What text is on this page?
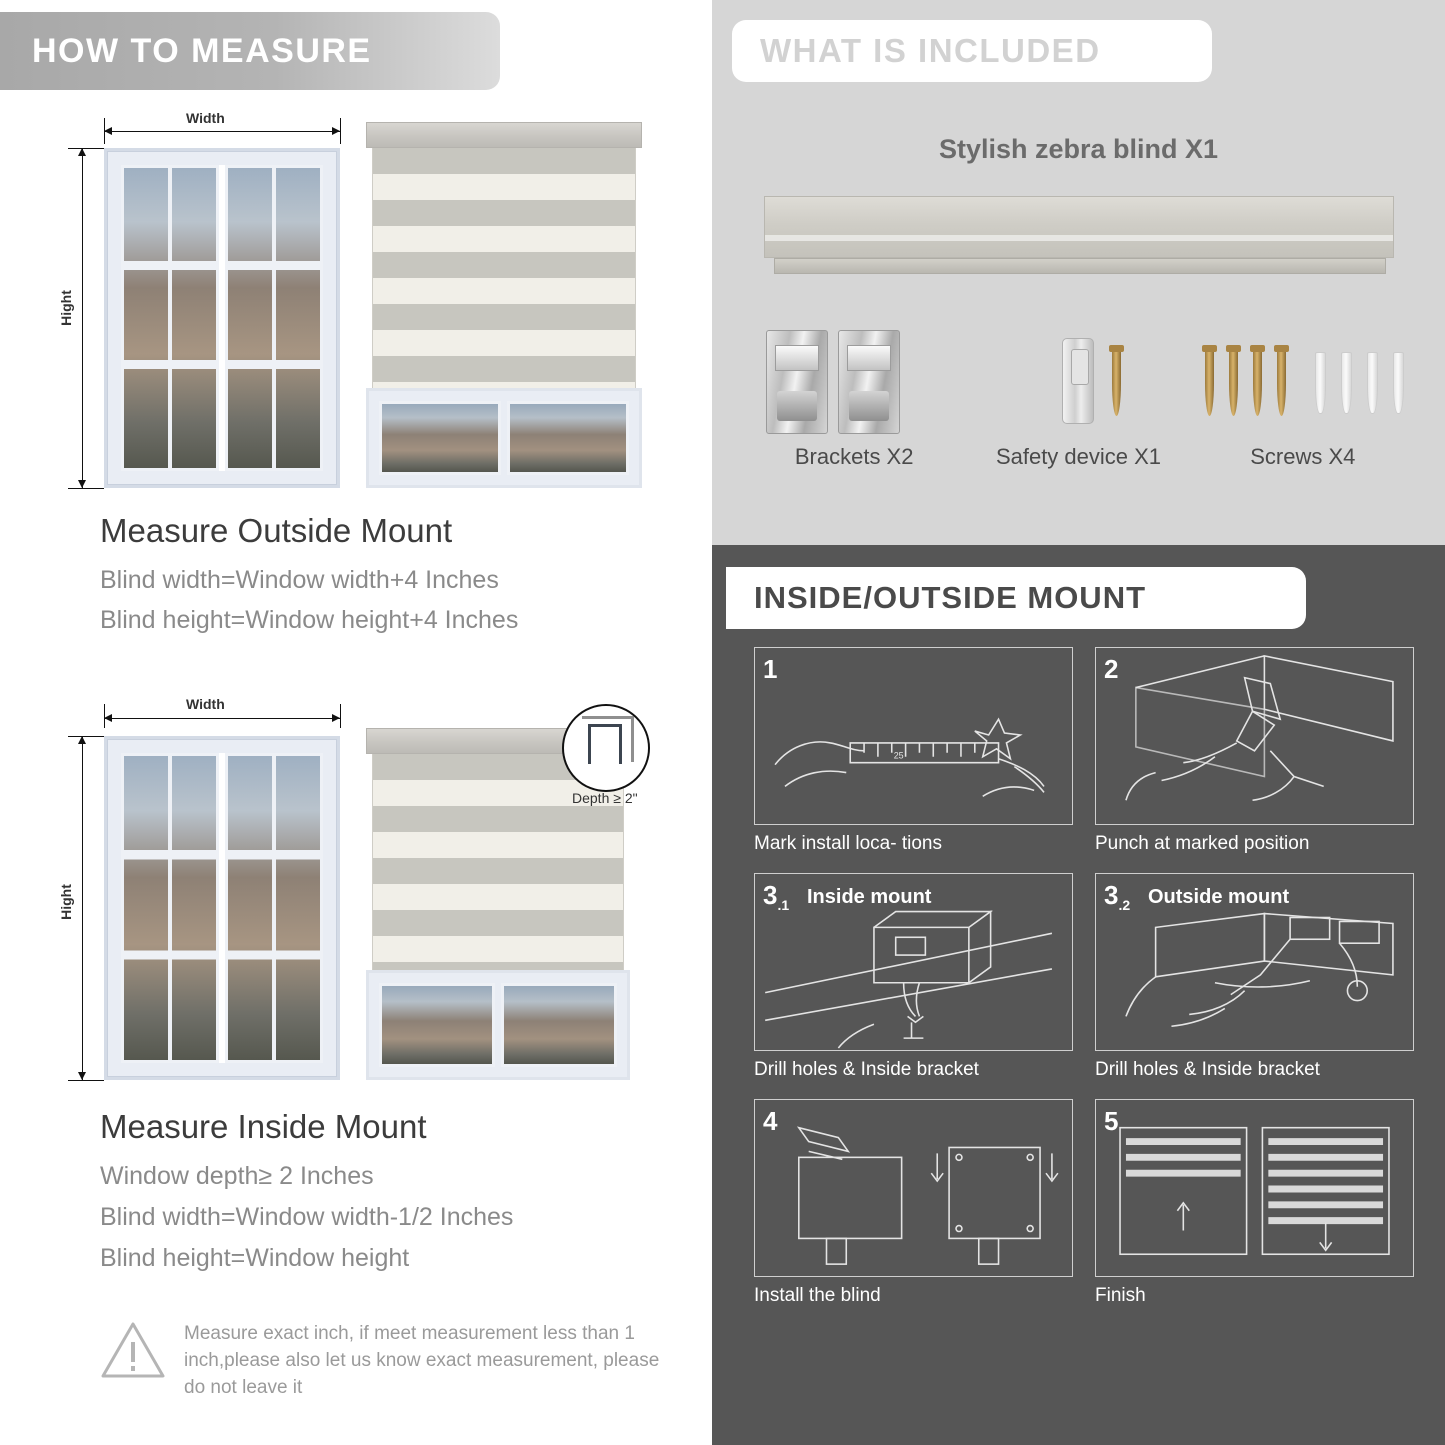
HOW TO MEASURE
Width
Hight
Measure Outside Mount
Blind width=Window width+4 Inches
Blind height=Window height+4 Inches
Width
Hight
Depth ≥ 2"
Measure Inside Mount
Window depth≥ 2 Inches
Blind width=Window width-1/2 Inches
Blind height=Window height
Measure exact inch, if meet measurement less than 1 inch,please also let us know exact measurement, please do not leave it
WHAT IS INCLUDED
Stylish zebra blind X1
Brackets X2	Safety device X1	Screws X4
INSIDE/OUTSIDE MOUNT
1
25
Mark install loca- tions
2
Punch at marked position
$3_{.1}$ Inside mount
Drill holes & Inside bracket
$3_{.2}$ Outside mount
Drill holes & Inside bracket
4
Install the blind
5
Finish
